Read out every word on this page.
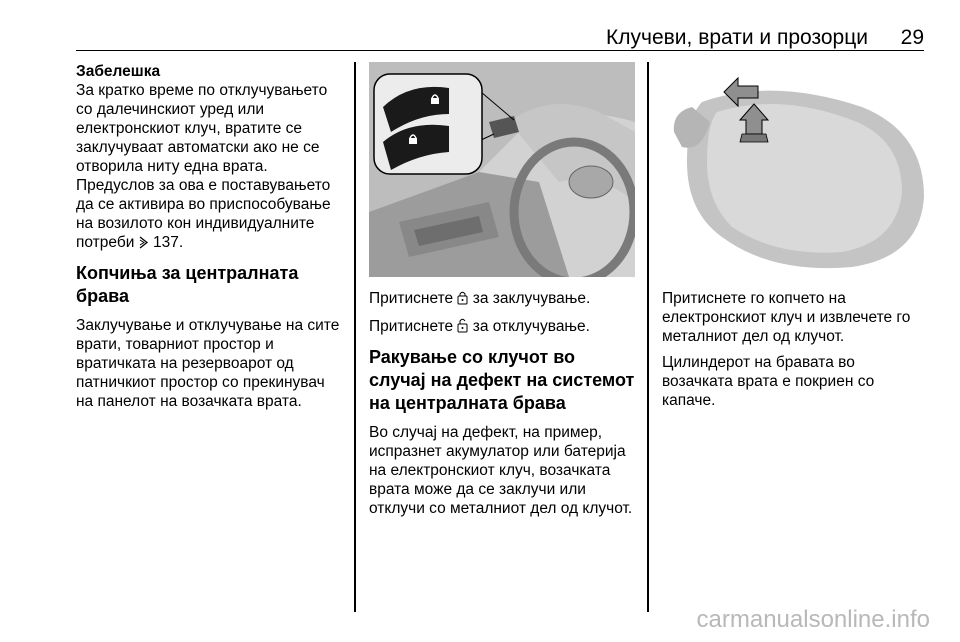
Клучеви, врати и прозорци 29
Забелешка

За кратко време по отклучувањето со далечинскиот уред или електронскиот клуч, вратите се заклучуваат автоматски ако не се отворила ниту една врата. Предуслов за ова е поставувањето да се активира во приспособување на возилото кон индивидуалните
потреби 137.

Копчиња за централната брава

Заклучување и отклучување на сите врати, товарниот простор и вратичката на резервоарот од патничкиот простор со прекинувач на панелот на возачката врата.

Притиснете за заклучување.

Притиснете за отклучување.

Ракување со клучот во случај на дефект на системот на централната брава

Во случај на дефект, на пример, испразнет акумулатор или батерија на електронскиот клуч, возачката врата може да се заклучи или отклучи со металниот дел од клучот.

Притиснете го копчето на електронскиот клуч и извлечете го металниот дел од клучот.

Цилиндерот на бравата во возачката врата е покриен со капаче.

carmanualsonline.info
